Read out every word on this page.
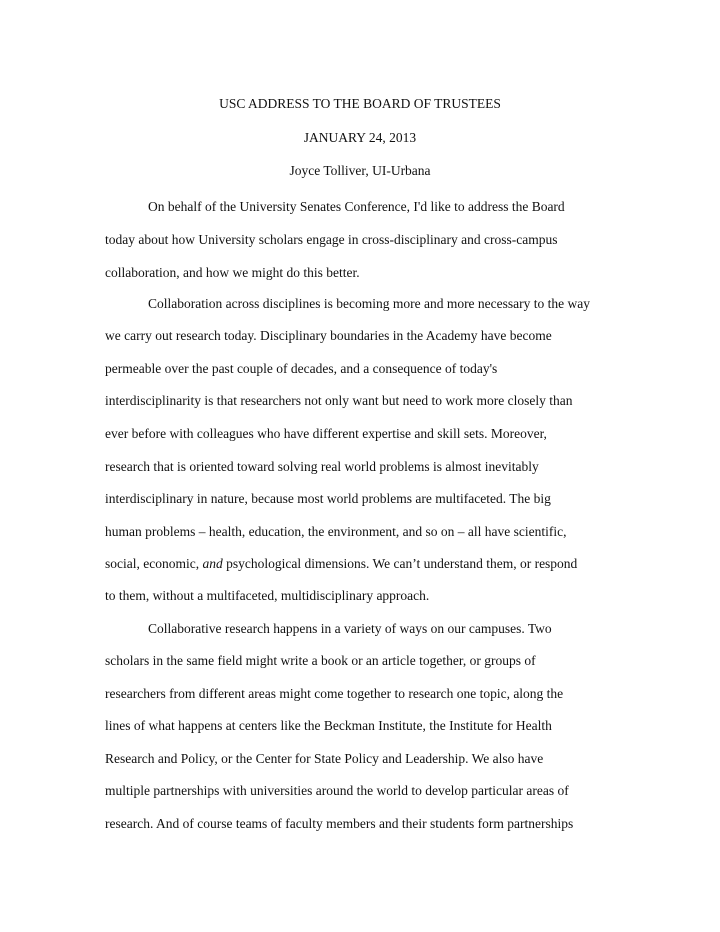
USC ADDRESS TO THE BOARD OF TRUSTEES
JANUARY 24, 2013
Joyce Tolliver, UI-Urbana
On behalf of the University Senates Conference, I'd like to address the Board
today about how University scholars engage in cross-disciplinary and cross-campus
collaboration, and how we might do this better.
Collaboration across disciplines is becoming more and more necessary to the way
we carry out research today. Disciplinary boundaries in the Academy have become
permeable over the past couple of decades, and a consequence of today's
interdisciplinarity is that researchers not only want but need to work more closely than
ever before with colleagues who have different expertise and skill sets. Moreover,
research that is oriented toward solving real world problems is almost inevitably
interdisciplinary in nature, because most world problems are multifaceted. The big
human problems – health, education, the environment, and so on – all have scientific,
social, economic, and psychological dimensions. We can’t understand them, or respond
to them, without a multifaceted, multidisciplinary approach.
Collaborative research happens in a variety of ways on our campuses. Two
scholars in the same field might write a book or an article together, or groups of
researchers from different areas might come together to research one topic, along the
lines of what happens at centers like the Beckman Institute, the Institute for Health
Research and Policy, or the Center for State Policy and Leadership. We also have
multiple partnerships with universities around the world to develop particular areas of
research. And of course teams of faculty members and their students form partnerships
